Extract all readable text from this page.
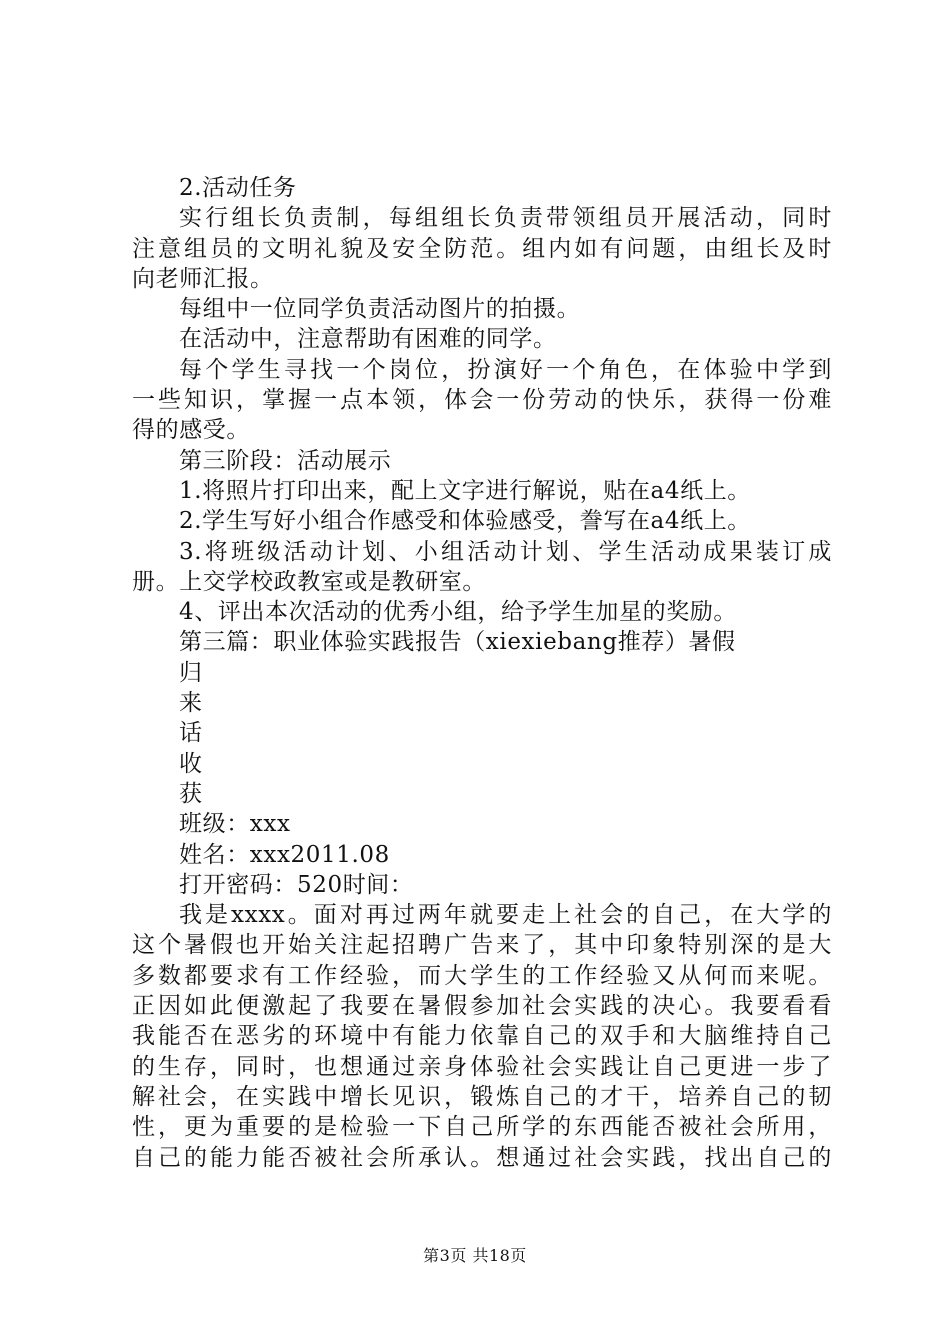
2.活动任务
实行组长负责制，每组组长负责带领组员开展活动，同时
注意组员的文明礼貌及安全防范。组内如有问题，由组长及时
向老师汇报。
每组中一位同学负责活动图片的拍摄。
在活动中，注意帮助有困难的同学。
每个学生寻找一个岗位，扮演好一个角色，在体验中学到
一些知识，掌握一点本领，体会一份劳动的快乐，获得一份难
得的感受。
第三阶段：活动展示
1.将照片打印出来，配上文字进行解说，贴在a4纸上。
2.学生写好小组合作感受和体验感受，誊写在a4纸上。
3.将班级活动计划、小组活动计划、学生活动成果装订成
册。上交学校政教室或是教研室。
4、评出本次活动的优秀小组，给予学生加星的奖励。
第三篇：职业体验实践报告（xiexiebang推荐）暑假
归
来
话
收
获
班级：xxx
姓名：xxx2011.08
打开密码：520时间：
我是xxxx。面对再过两年就要走上社会的自己，在大学的
这个暑假也开始关注起招聘广告来了，其中印象特别深的是大
多数都要求有工作经验，而大学生的工作经验又从何而来呢。
正因如此便激起了我要在暑假参加社会实践的决心。我要看看
我能否在恶劣的环境中有能力依靠自己的双手和大脑维持自己
的生存，同时，也想通过亲身体验社会实践让自己更进一步了
解社会，在实践中增长见识，锻炼自己的才干，培养自己的韧
性，更为重要的是检验一下自己所学的东西能否被社会所用，
自己的能力能否被社会所承认。想通过社会实践，找出自己的
第3页 共18页
